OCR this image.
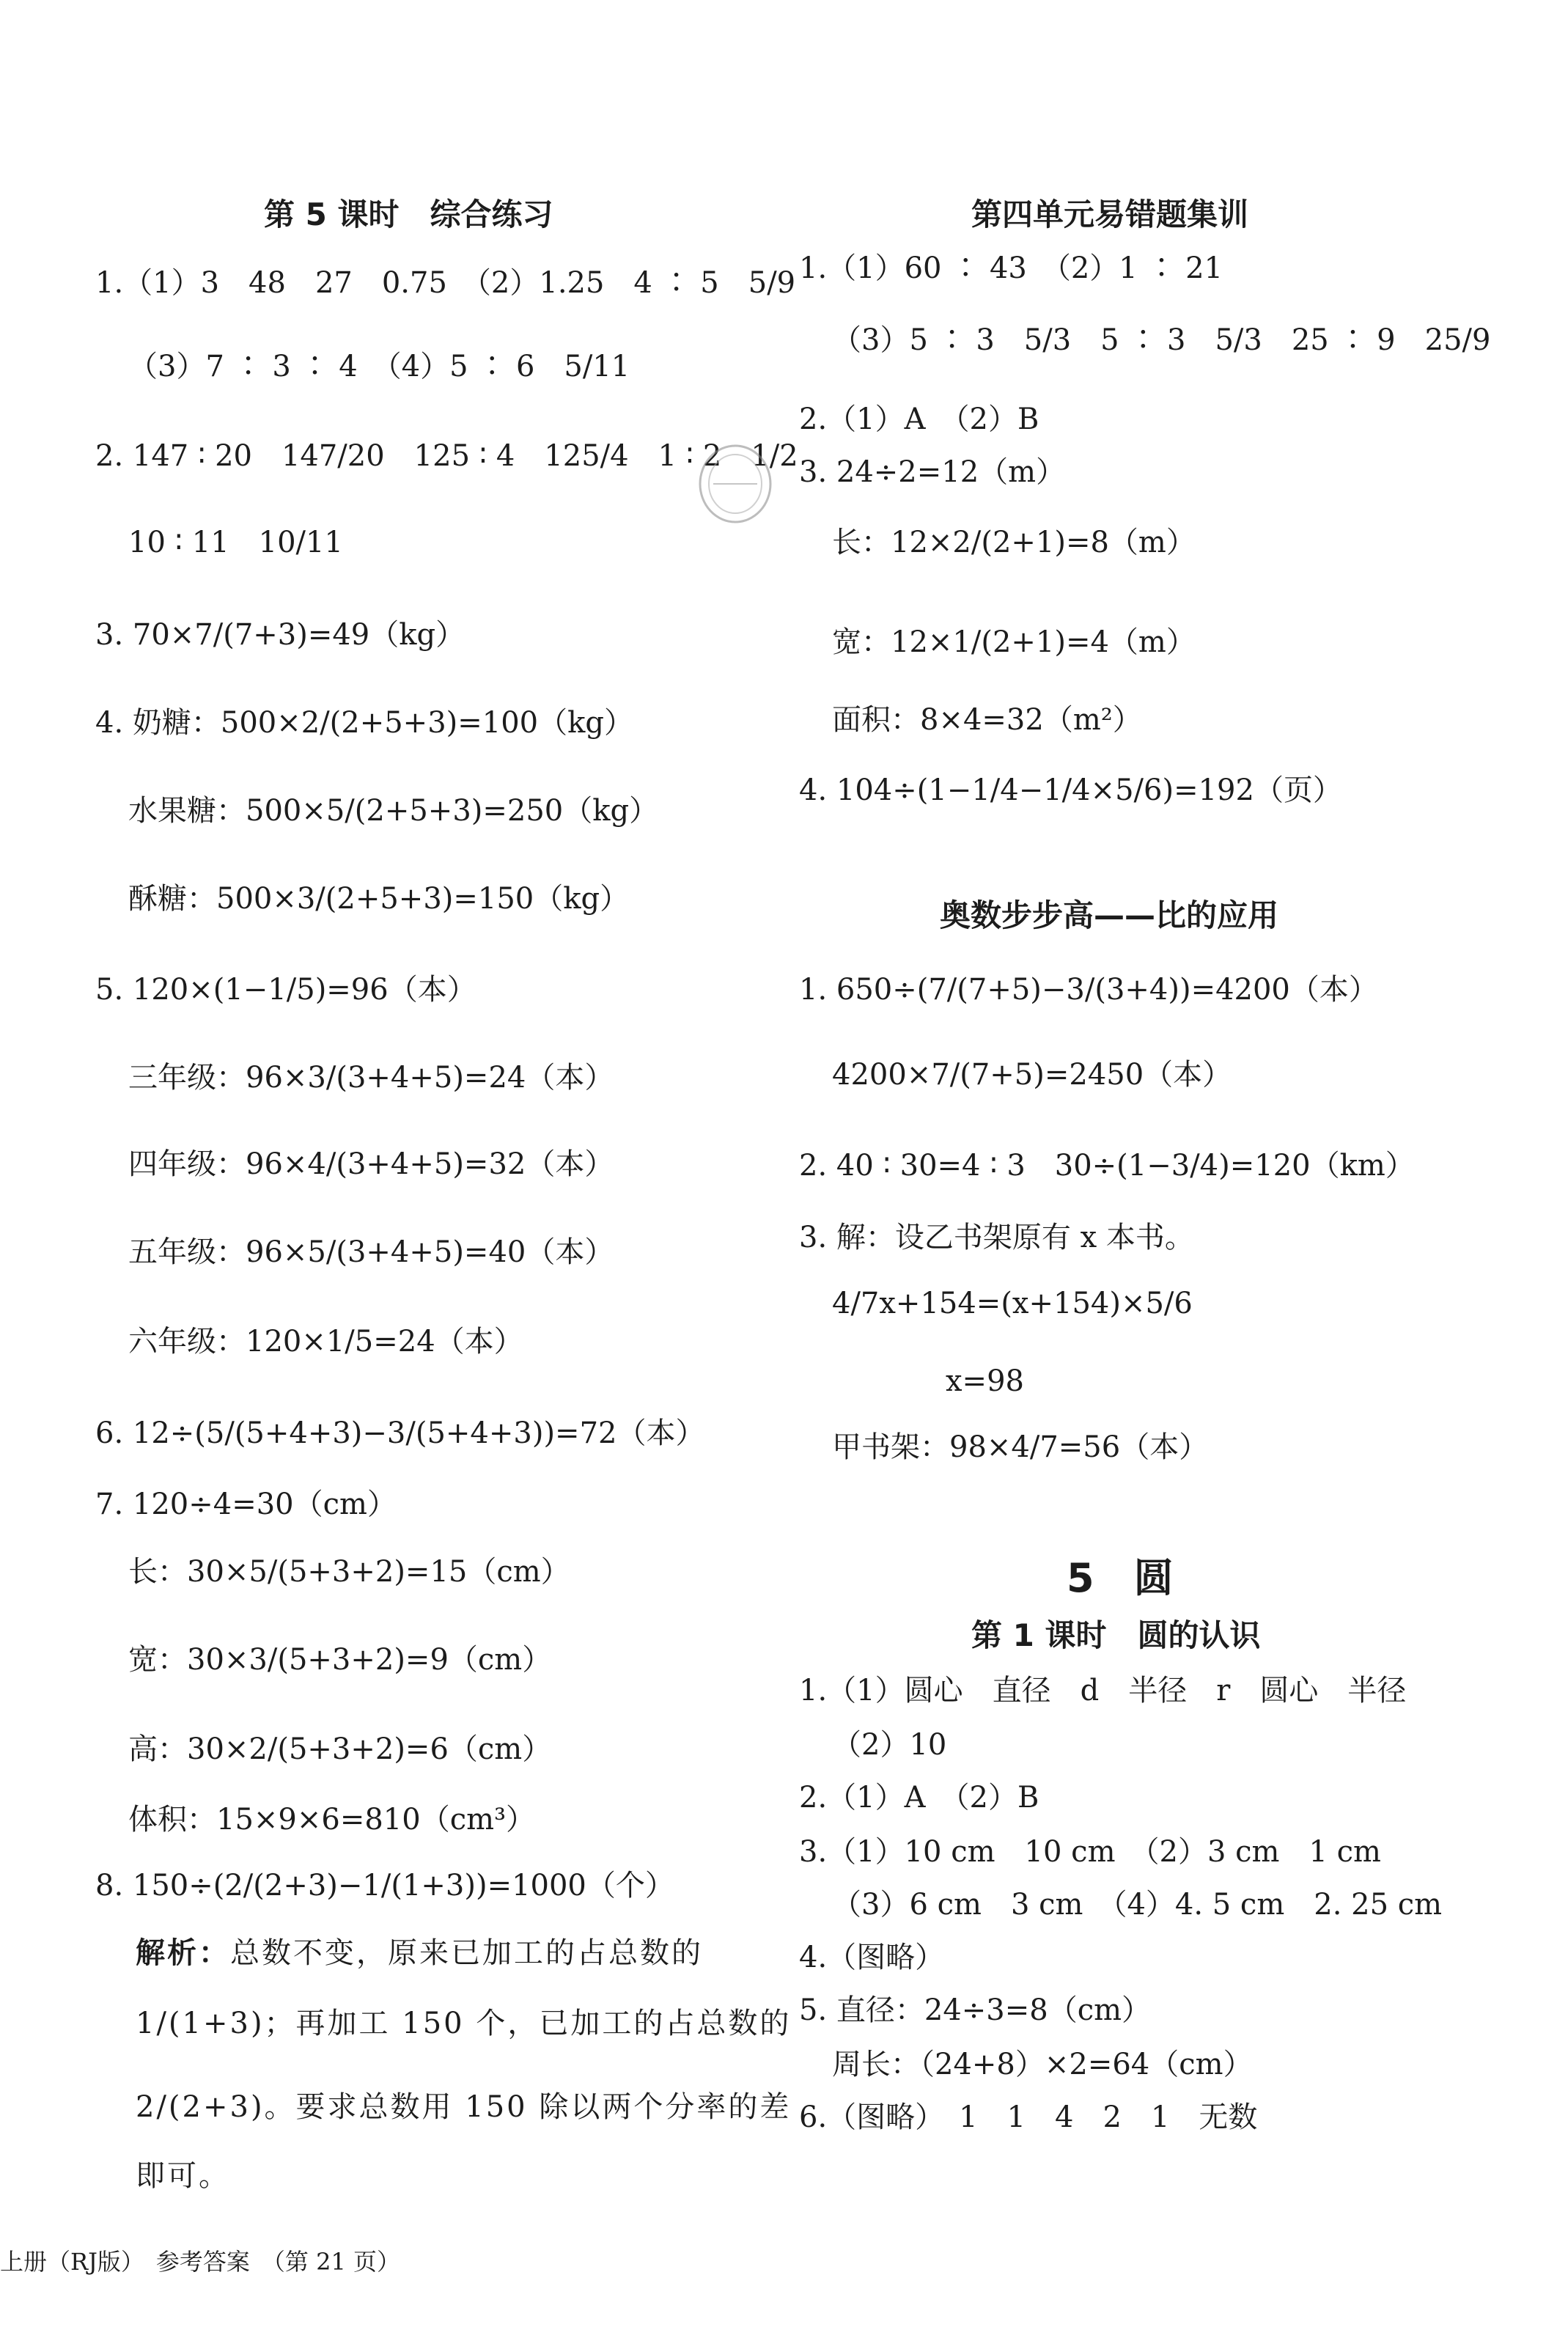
第 5 课时　综合练习
1.（1）3　48　27　0.75　（2）1.25　4 ∶ 5　5/9
（3）7 ∶ 3 ∶ 4　（4）5 ∶ 6　5/11
2. 147 ∶ 20　147/20　125 ∶ 4　125/4　1 ∶ 2　1/2
10 ∶ 11　10/11
3. 70×7/(7+3)=49（kg）
4. 奶糖：500×2/(2+5+3)=100（kg）
水果糖：500×5/(2+5+3)=250（kg）
酥糖：500×3/(2+5+3)=150（kg）
5. 120×(1−1/5)=96（本）
三年级：96×3/(3+4+5)=24（本）
四年级：96×4/(3+4+5)=32（本）
五年级：96×5/(3+4+5)=40（本）
六年级：120×1/5=24（本）
6. 12÷(5/(5+4+3)−3/(5+4+3))=72（本）
7. 120÷4=30（cm）
长：30×5/(5+3+2)=15（cm）
宽：30×3/(5+3+2)=9（cm）
高：30×2/(5+3+2)=6（cm）
体积：15×9×6=810（cm³）
8. 150÷(2/(2+3)−1/(1+3))=1000（个）
解析：总数不变，原来已加工的占总数的
1/(1+3)；再加工 150 个，已加工的占总数的
2/(2+3)。要求总数用 150 除以两个分率的差
即可。
第四单元易错题集训
1.（1）60 ∶ 43　（2）1 ∶ 21
（3）5 ∶ 3　5/3　5 ∶ 3　5/3　25 ∶ 9　25/9
2.（1）A　（2）B
3. 24÷2=12（m）
长：12×2/(2+1)=8（m）
宽：12×1/(2+1)=4（m）
面积：8×4=32（m²）
4. 104÷(1−1/4−1/4×5/6)=192（页）
奥数步步高——比的应用
1. 650÷(7/(7+5)−3/(3+4))=4200（本）
4200×7/(7+5)=2450（本）
2. 40 ∶ 30=4 ∶ 3　30÷(1−3/4)=120（km）
3. 解：设乙书架原有 x 本书。
4/7x+154=(x+154)×5/6
x=98
甲书架：98×4/7=56（本）
5　圆
第 1 课时　圆的认识
1.（1）圆心　直径　d　半径　r　圆心　半径
（2）10
2.（1）A　（2）B
3.（1）10 cm　10 cm　（2）3 cm　1 cm
（3）6 cm　3 cm　（4）4. 5 cm　2. 25 cm
4.（图略）
5. 直径：24÷3=8（cm）
周长：（24+8）×2=64（cm）
6.（图略）　1　1　4　2　1　无数
上册（RJ版）　参考答案　（第 21 页）
